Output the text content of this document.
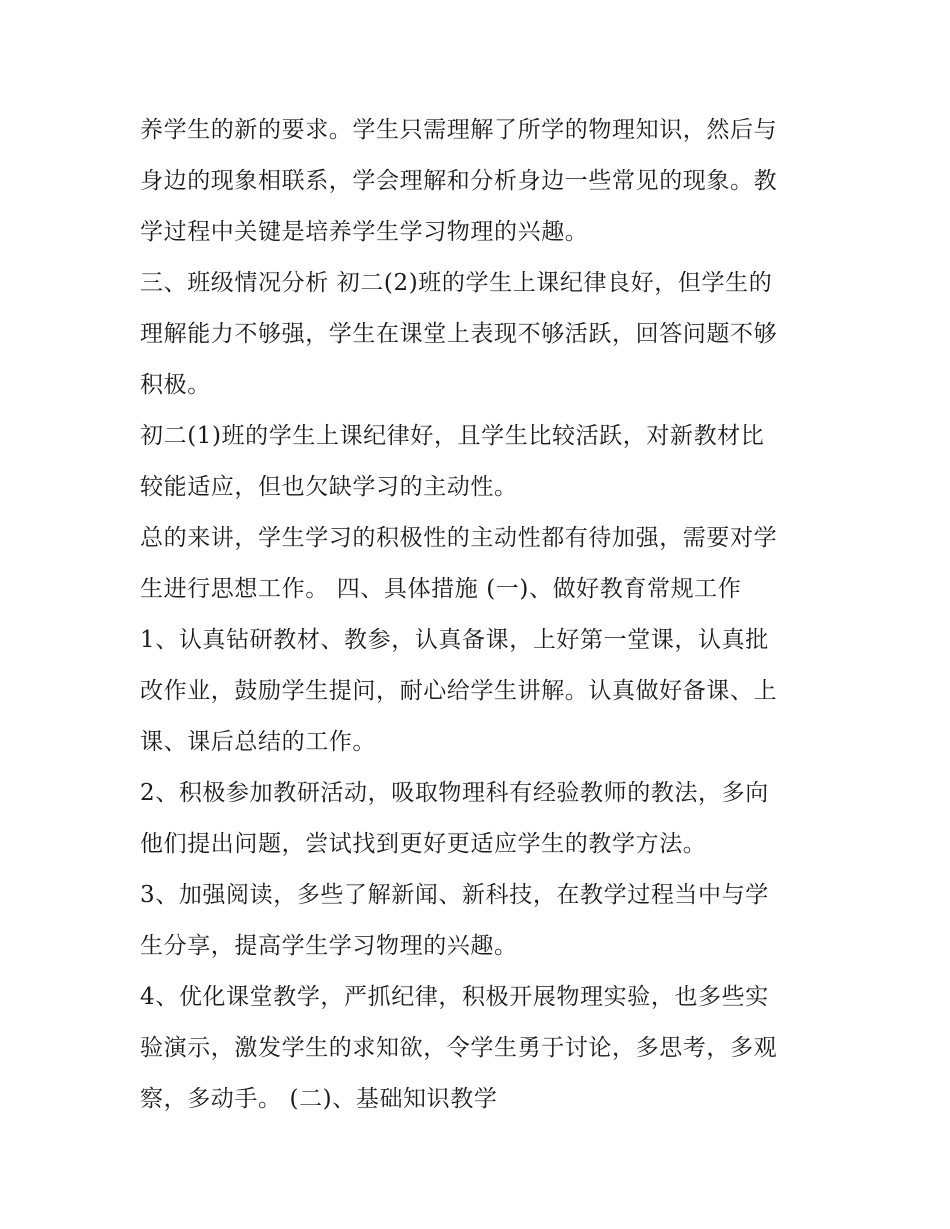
养学生的新的要求。学生只需理解了所学的物理知识，然后与
身边的现象相联系，学会理解和分析身边一些常见的现象。教
学过程中关键是培养学生学习物理的兴趣。
三、班级情况分析 初二(2)班的学生上课纪律良好，但学生的
理解能力不够强，学生在课堂上表现不够活跃，回答问题不够
积极。
初二(1)班的学生上课纪律好，且学生比较活跃，对新教材比
较能适应，但也欠缺学习的主动性。
总的来讲，学生学习的积极性的主动性都有待加强，需要对学
生进行思想工作。 四、具体措施 (一)、做好教育常规工作
1、认真钻研教材、教参，认真备课，上好第一堂课，认真批
改作业，鼓励学生提问，耐心给学生讲解。认真做好备课、上
课、课后总结的工作。
2、积极参加教研活动，吸取物理科有经验教师的教法，多向
他们提出问题，尝试找到更好更适应学生的教学方法。
3、加强阅读，多些了解新闻、新科技，在教学过程当中与学
生分享，提高学生学习物理的兴趣。
4、优化课堂教学，严抓纪律，积极开展物理实验，也多些实
验演示，激发学生的求知欲，令学生勇于讨论，多思考，多观
察，多动手。 (二)、基础知识教学
